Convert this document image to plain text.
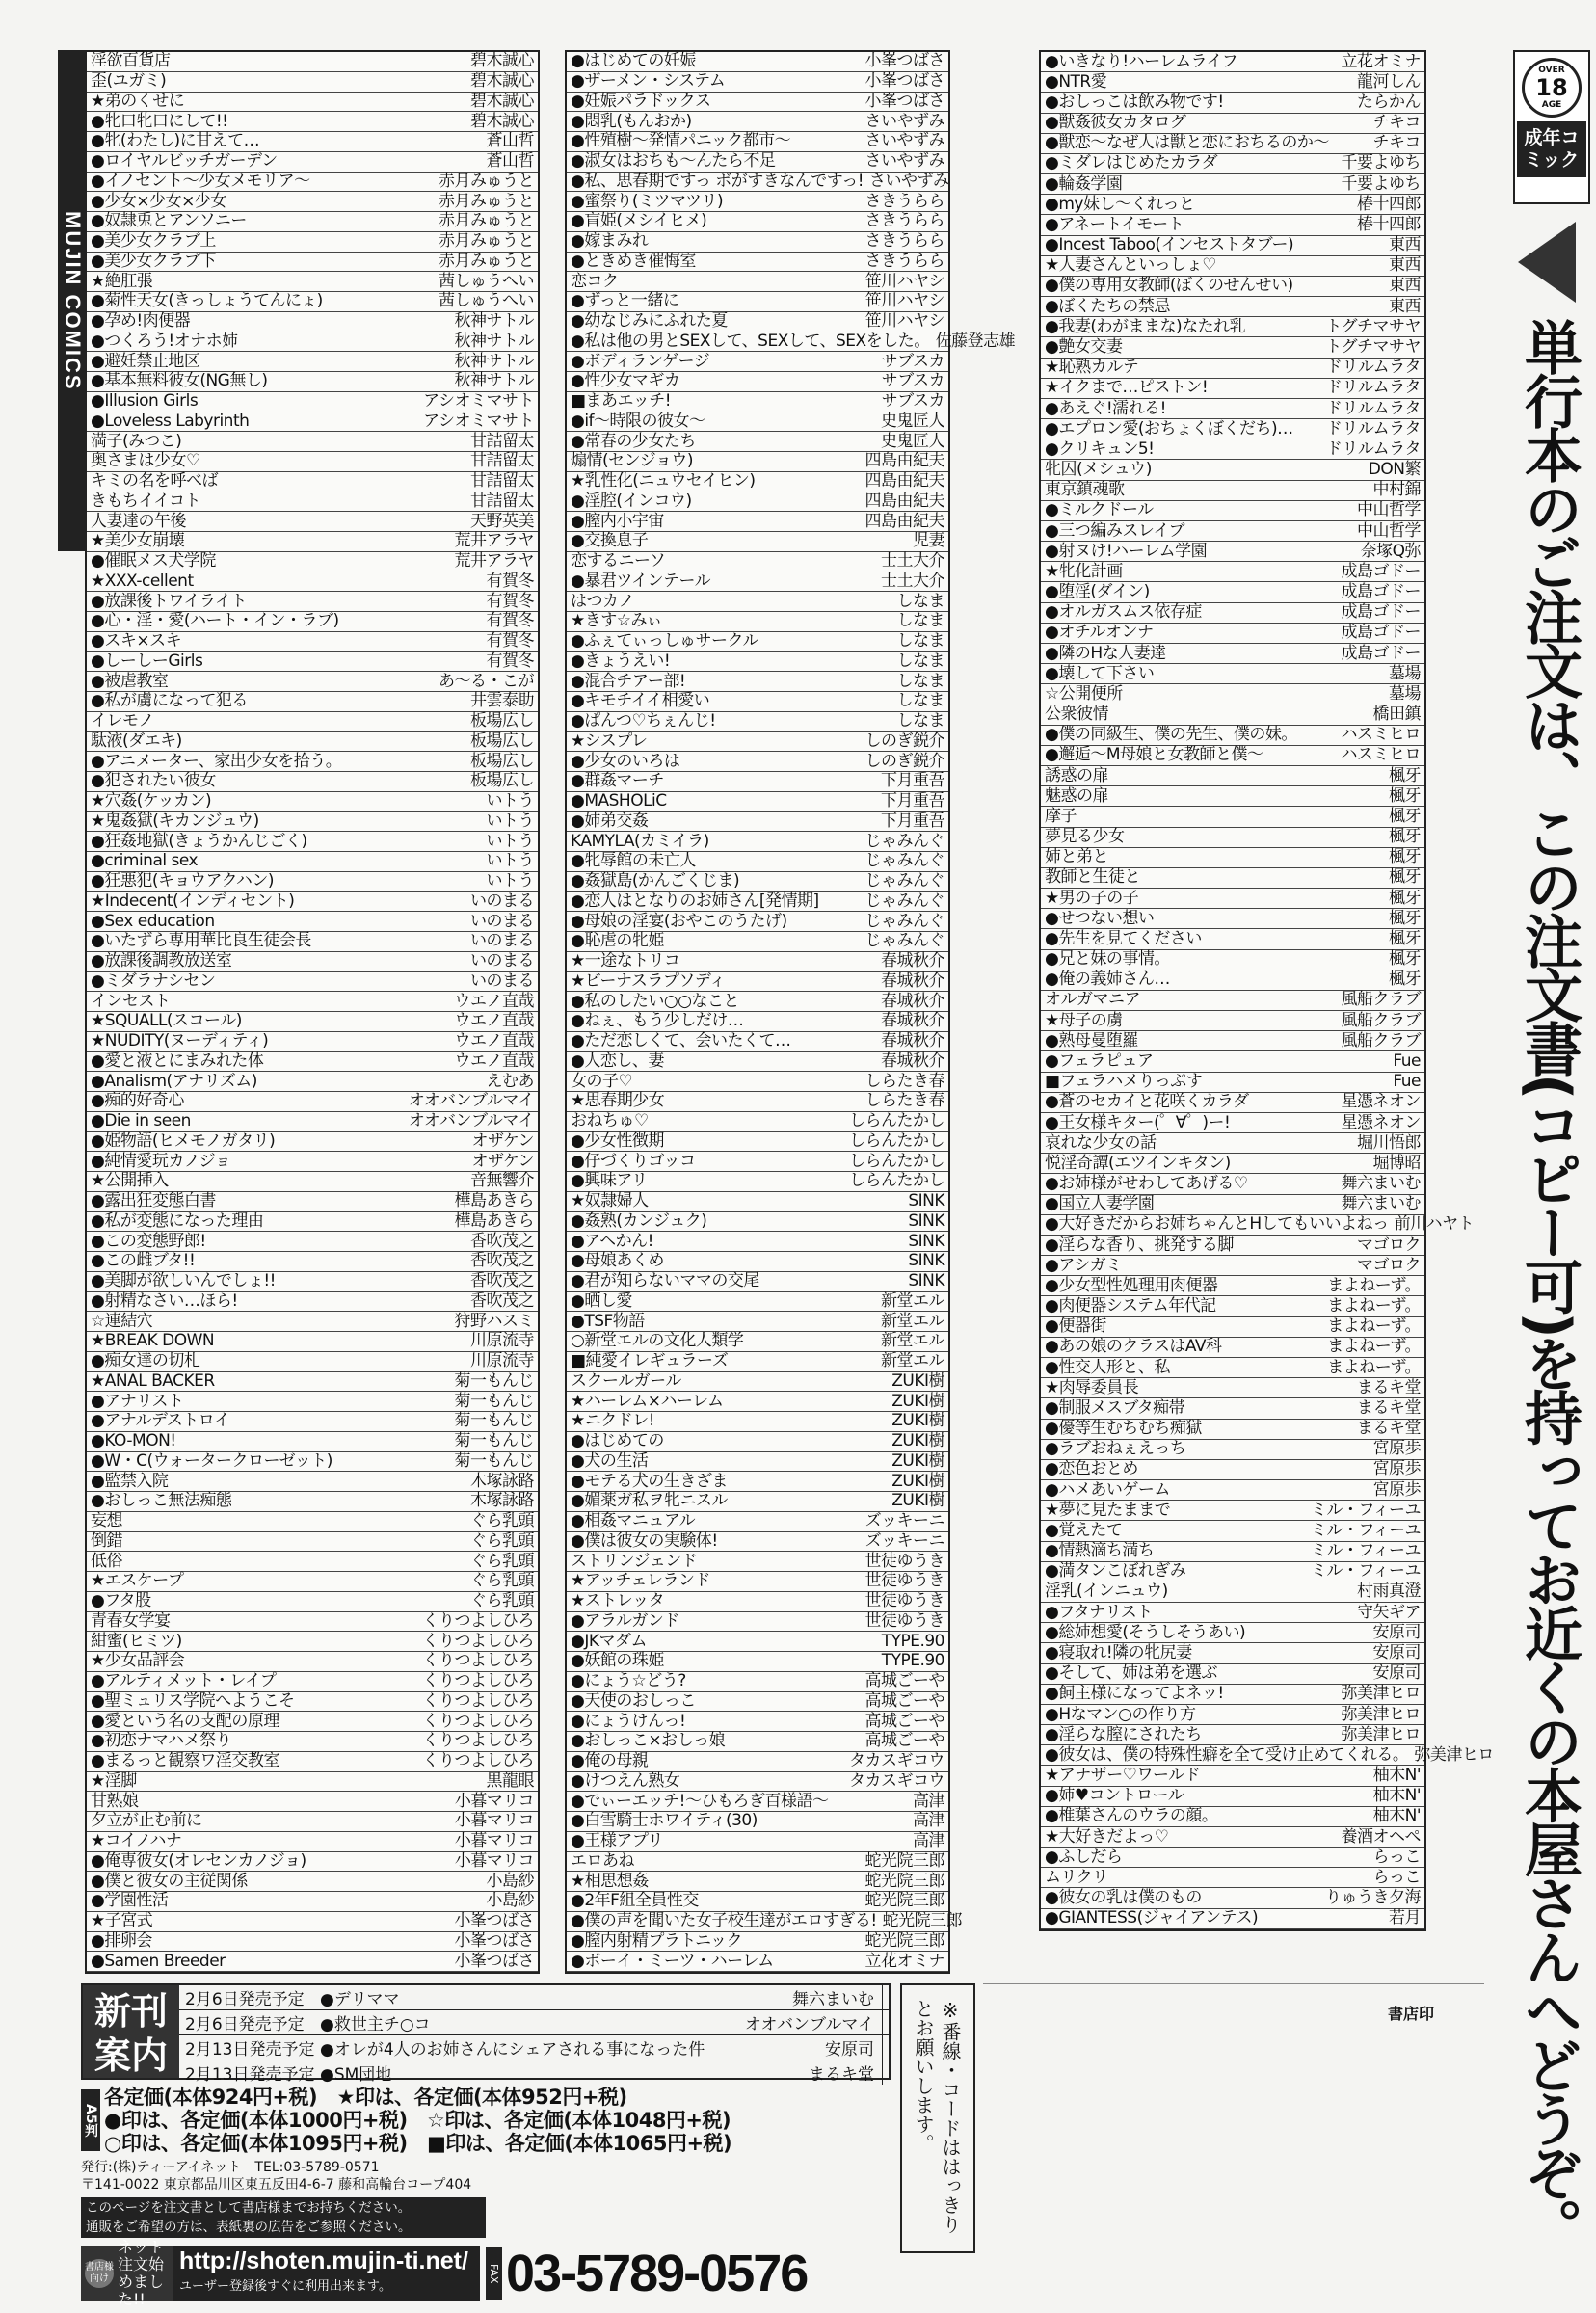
MUJIN COMICS
淫欲百貨店	碧木誠心
歪(ユガミ)	碧木誠心
★弟のくせに	碧木誠心
●牝口牝口にして!!	碧木誠心
●牝(わたし)に甘えて…	蒼山哲
●ロイヤルビッチガーデン	蒼山哲
●イノセント～少女メモリア～	赤月みゅうと
●少女×少女×少女	赤月みゅうと
●奴隷兎とアンソニー	赤月みゅうと
●美少女クラブ上	赤月みゅうと
●美少女クラブ下	赤月みゅうと
★絶肛張	茜しゅうへい
●菊性天女(きっしょうてんにょ)	茜しゅうへい
●孕め!肉便器	秋神サトル
●つくろう!オナホ姉	秋神サトル
●避妊禁止地区	秋神サトル
●基本無料彼女(NG無し)	秋神サトル
●Illusion Girls	アシオミマサト
●Loveless Labyrinth	アシオミマサト
満子(みつこ)	甘詰留太
奥さまは少女♡	甘詰留太
キミの名を呼べば	甘詰留太
きもちイイコト	甘詰留太
人妻達の午後	天野英美
★美少女崩壊	荒井アラヤ
●催眠メス犬学院	荒井アラヤ
★XXX-cellent	有賀冬
●放課後トワイライト	有賀冬
●心・淫・愛(ハート・イン・ラブ)	有賀冬
●スキ×スキ	有賀冬
●しーしーGirls	有賀冬
●被虐教室	あ～る・こが
●私が虜になって犯る	井雲泰助
イレモノ	板場広し
駄液(ダエキ)	板場広し
●アニメーター、家出少女を拾う。	板場広し
●犯されたい彼女	板場広し
★穴姦(ケッカン)	いトう
★鬼姦獄(キカンジュウ)	いトう
●狂姦地獄(きょうかんじごく)	いトう
●criminal sex	いトう
●狂悪犯(キョウアクハン)	いトう
★Indecent(インディセント)	いのまる
●Sex education	いのまる
●いたずら専用華比良生徒会長	いのまる
●放課後調教放送室	いのまる
●ミダラナシセン	いのまる
インセスト	ウエノ直哉
★SQUALL(スコール)	ウエノ直哉
★NUDITY(ヌーディティ)	ウエノ直哉
●愛と液とにまみれた体	ウエノ直哉
●Analism(アナリズム)	えむあ
●痴的好奇心	オオバンブルマイ
●Die in seen	オオバンブルマイ
●姫物語(ヒメモノガタリ)	オザケン
●純情愛玩カノジョ	オザケン
★公開挿入	音無響介
●露出狂変態白書	樺島あきら
●私が変態になった理由	樺島あきら
●この変態野郎!	香吹茂之
●この雌ブタ!!	香吹茂之
●美脚が欲しいんでしょ!!	香吹茂之
●射精なさい…ほら!	香吹茂之
☆連結穴	狩野ハスミ
★BREAK DOWN	川原流寺
●痴女達の切札	川原流寺
★ANAL BACKER	菊一もんじ
●アナリスト	菊一もんじ
●アナルデストロイ	菊一もんじ
●KO-MON!	菊一もんじ
●W・C(ウォータークローゼット)	菊一もんじ
●監禁入院	木塚詠路
●おしっこ無法痴態	木塚詠路
妄想	ぐら乳頭
倒錯	ぐら乳頭
低俗	ぐら乳頭
★エスケープ	ぐら乳頭
●フタ股	ぐら乳頭
青春女学宴	くりつよしひろ
紺蜜(ヒミツ)	くりつよしひろ
★少女品評会	くりつよしひろ
●アルティメット・レイプ	くりつよしひろ
●聖ミュリス学院へようこそ	くりつよしひろ
●愛という名の支配の原理	くりつよしひろ
●初恋ナマハメ祭り	くりつよしひろ
●まるっと観察ワ淫交教室	くりつよしひろ
★淫脚	黒龍眼
甘熟娘	小暮マリコ
夕立が止む前に	小暮マリコ
★コイノハナ	小暮マリコ
●俺専彼女(オレセンカノジョ)	小暮マリコ
●僕と彼女の主従関係	小島紗
●学園性活	小島紗
★子宮式	小峯つばさ
●排卵会	小峯つばさ
●Samen Breeder	小峯つばさ
●はじめての妊娠	小峯つばさ
●ザーメン・システム	小峯つばさ
●妊娠パラドックス	小峯つばさ
●悶乳(もんおか)	さいやずみ
●性殖樹～発情パニック都市～	さいやずみ
●淑女はおちも～んたら不足	さいやずみ
●私、思春期ですっ ボがすきなんですっ! さいやずみ
●蜜祭り(ミツマツリ)	さきうらら
●盲姫(メシイヒメ)	さきうらら
●嫁まみれ	さきうらら
●ときめき催悔室	さきうらら
恋コク	笹川ハヤシ
●ずっと一緒に	笹川ハヤシ
●幼なじみにふれた夏	笹川ハヤシ
●私は他の男とSEXして、SEXして、SEXをした。 佐藤登志雄
●ボディランゲージ	サブスカ
●性少女マギカ	サブスカ
■まあエッチ!	サブスカ
●if～時限の彼女～	史鬼匠人
●常春の少女たち	史鬼匠人
煽情(センジョウ)	四島由紀夫
★乳性化(ニュウセイヒン)	四島由紀夫
●淫腔(インコウ)	四島由紀夫
●膣内小宇宙	四島由紀夫
●交換息子	児妻
恋するニーソ	士土大介
●暴君ツインテール	士土大介
はつカノ	しなま
★きす☆みぃ	しなま
●ふぇてぃっしゅサークル	しなま
●きょうえい!	しなま
●混合チアー部!	しなま
●キモチイイ相愛い	しなま
●ぱんつ♡ちぇんじ!	しなま
★シスプレ	しのぎ鋭介
●少女のいろは	しのぎ鋭介
●群姦マーチ	下月重吾
●MASHOLiC	下月重吾
●姉弟交姦	下月重吾
KAMYLA(カミイラ)	じゃみんぐ
●牝辱館の未亡人	じゃみんぐ
●姦獄島(かんごくじま)	じゃみんぐ
●恋人はとなりのお姉さん[発情期]	じゃみんぐ
●母娘の淫宴(おやこのうたげ)	じゃみんぐ
●恥虐の牝姫	じゃみんぐ
★一途なトリコ	春城秋介
★ビーナスラプソディ	春城秋介
●私のしたい○○なこと	春城秋介
●ねぇ、もう少しだけ…	春城秋介
●ただ恋しくて、会いたくて…	春城秋介
●人恋し、妻	春城秋介
女の子♡	しらたき春
★思春期少女	しらたき春
おねちゅ♡	しらんたかし
●少女性徴期	しらんたかし
●仔づくりゴッコ	しらんたかし
●興味アリ	しらんたかし
★奴隷婦人	SINK
●姦熟(カンジュク)	SINK
●アヘかん!	SINK
●母娘あくめ	SINK
●君が知らないママの交尾	SINK
●晒し愛	新堂エル
●TSF物語	新堂エル
○新堂エルの文化人類学	新堂エル
■純愛イレギュラーズ	新堂エル
スクールガール	ZUKI樹
★ハーレム×ハーレム	ZUKI樹
★ニクドレ!	ZUKI樹
●はじめての	ZUKI樹
●犬の生活	ZUKI樹
●モテる犬の生きざま	ZUKI樹
●媚薬ガ私ヲ牝ニスル	ZUKI樹
●相姦マニュアル	ズッキーニ
●僕は彼女の実験体!	ズッキーニ
ストリンジェンド	世徒ゆうき
★アッチェレランド	世徒ゆうき
★ストレッタ	世徒ゆうき
●アラルガンド	世徒ゆうき
●JKマダム	TYPE.90
●妖館の珠姫	TYPE.90
●にょう☆どう?	高城ごーや
●天使のおしっこ	高城ごーや
●にょうけんっ!	高城ごーや
●おしっこ×おしっ娘	高城ごーや
●俺の母親	タカスギコウ
●けつえん熟女	タカスギコウ
●でぃーエッチ!～ひもろぎ百様語～	高津
●白雪騎士ホワイティ(30)	高津
●王様アプリ	高津
エロあね	蛇光院三郎
★相思想姦	蛇光院三郎
●2年F組全員性交	蛇光院三郎
●僕の声を聞いた女子校生達がエロすぎる! 蛇光院三郎
●膣内射精プラトニック	蛇光院三郎
●ボーイ・ミーツ・ハーレム	立花オミナ
●いきなり!ハーレムライフ	立花オミナ
●NTR愛	龍河しん
●おしっこは飲み物です!	たらかん
●獣姦彼女カタログ	チキコ
●獣恋～なぜ人は獣と恋におちるのか～	チキコ
●ミダレはじめたカラダ	千要よゆち
●輪姦学園	千要よゆち
●my妹し～くれっと	椿十四郎
●アネートイモート	椿十四郎
●Incest Taboo(インセストタブー)	東西
★人妻さんといっしょ♡	東西
●僕の専用女教師(ぼくのせんせい)	東西
●ぼくたちの禁忌	東西
●我妻(わがままな)なたれ乳	トグチマサヤ
●艶女交妻	トグチマサヤ
★恥熟カルテ	ドリルムラタ
★イクまで…ピストン!	ドリルムラタ
●あえぐ!濡れる!	ドリルムラタ
●エプロン愛(おちょくぼくだち)…	ドリルムラタ
●クリキュン5!	ドリルムラタ
牝囚(メシュウ)	DON繁
東京鎮魂歌	中村錦
●ミルクドール	中山哲学
●三つ編みスレイブ	中山哲学
●射ヌけ!ハーレム学園	奈塚Q弥
★牝化計画	成島ゴドー
●堕淫(ダイン)	成島ゴドー
●オルガスムス依存症	成島ゴドー
●オチルオンナ	成島ゴドー
●隣のHな人妻達	成島ゴドー
●壊して下さい	墓場
☆公開便所	墓場
公衆彼情	橋田鎮
●僕の同級生、僕の先生、僕の妹。	ハスミヒロ
●邂逅～M母娘と女教師と僕～	ハスミヒロ
誘惑の扉	楓牙
魅惑の扉	楓牙
摩子	楓牙
夢見る少女	楓牙
姉と弟と	楓牙
教師と生徒と	楓牙
★男の子の子	楓牙
●せつない想い	楓牙
●先生を見てください	楓牙
●兄と妹の事情。	楓牙
●俺の義姉さん…	楓牙
オルガマニア	風船クラブ
★母子の虜	風船クラブ
●熟母曼堕羅	風船クラブ
●フェラピュア	Fue
■フェラハメりっぷす	Fue
●蒼のセカイと花咲くカラダ	星憑ネオン
●王女様キター(゜∀゜)ー!	星憑ネオン
哀れな少女の話	堀川悟郎
悦淫奇譚(エツインキタン)	堀博昭
●お姉様がせわしてあげる♡	舞六まいむ
●国立人妻学園	舞六まいむ
●大好きだからお姉ちゃんとHしてもいいよねっ 前川ハヤト
●淫らな香り、挑発する脚	マゴロク
●アシガミ	マゴロク
●少女型性処理用肉便器	まよねーず。
●肉便器システム年代記	まよねーず。
●便器街	まよねーず。
●あの娘のクラスはAV科	まよねーず。
●性交人形と、私	まよねーず。
★肉辱委員長	まるキ堂
●制服メスブタ痴帯	まるキ堂
●優等生むちむち痴獄	まるキ堂
●ラブおねぇえっち	宮原歩
●恋色おとめ	宮原歩
●ハメあいゲーム	宮原歩
★夢に見たままで	ミル・フィーユ
●覚えたて	ミル・フィーユ
●情熱滴ち満ち	ミル・フィーユ
●満タンこぼれぎみ	ミル・フィーユ
淫乳(インニュウ)	村雨真澄
●フタナリスト	守矢ギア
●総姉想愛(そうしそうあい)	安原司
●寝取れ!隣の牝尻妻	安原司
●そして、姉は弟を選ぶ	安原司
●飼主様になってよネッ!	弥美津ヒロ
●Hなマン○の作り方	弥美津ヒロ
●淫らな膣にされたち	弥美津ヒロ
●彼女は、僕の特殊性癖を全て受け止めてくれる。 弥美津ヒロ
★アナザー♡ワールド	柚木N'
●姉♥コントロール	柚木N'
●椎葉さんのウラの顔。	柚木N'
★大好きだよっ♡	養酒オヘペ
●ふしだら	らっこ
ムリクリ	らっこ
●彼女の乳は僕のもの	りゅうき夕海
●GIANTESS(ジャイアンテス)	若月
OVER
18
AGE
成年コミック
単行本のご注文は、この注文書(コピー可)を持ってお近くの本屋さんへどうぞ。
新刊案内
2月6日発売予定 ●デリママ	舞六まいむ
2月6日発売予定 ●救世主チ○コ	オオバンブルマイ
2月13日発売予定 ●オレが4人のお姉さんにシェアされる事になった件	安原司
2月13日発売予定 ●SM団地	まるキ堂
A5判
各定価(本体924円+税)　★印は、各定価(本体952円+税)
●印は、各定価(本体1000円+税)　☆印は、各定価(本体1048円+税)
○印は、各定価(本体1095円+税)　■印は、各定価(本体1065円+税)
発行:(株)ティーアイネット　TEL:03-5789-0571
〒141-0022 東京都品川区東五反田4-6-7 藤和高輪台コープ404
このページを注文書として書店様までお持ちください。
通販をご希望の方は、表紙裏の広告をご参照ください。
書店様向け
ネット注文始めました!!
http://shoten.mujin-ti.net/
ユーザー登録後すぐに利用出来ます。
FAX 03-5789-0576
※番線・コードははっきりとお願いします。	書店印
